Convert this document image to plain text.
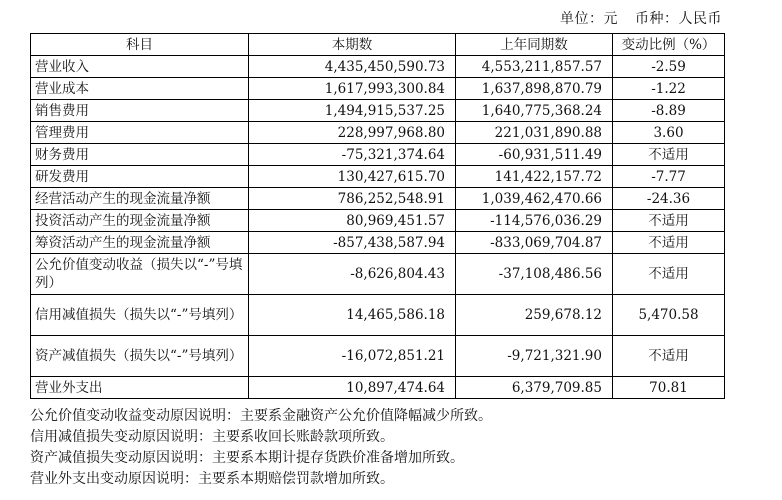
单位：元 币种：人民币
科目	本期数	上年同期数	变动比例（%）
营业收入	4,435,450,590.73	4,553,211,857.57	-2.59
营业成本	1,617,993,300.84	1,637,898,870.79	-1.22
销售费用	1,494,915,537.25	1,640,775,368.24	-8.89
管理费用	228,997,968.80	221,031,890.88	3.60
财务费用	-75,321,374.64	-60,931,511.49	不适用
研发费用	130,427,615.70	141,422,157.72	-7.77
经营活动产生的现金流量净额	786,252,548.91	1,039,462,470.66	-24.36
投资活动产生的现金流量净额	80,969,451.57	-114,576,036.29	不适用
筹资活动产生的现金流量净额	-857,438,587.94	-833,069,704.87	不适用
公允价值变动收益（损失以“-”号填列）	-8,626,804.43	-37,108,486.56	不适用
信用减值损失（损失以“-”号填列）	14,465,586.18	259,678.12	5,470.58
资产减值损失（损失以“-”号填列）	-16,072,851.21	-9,721,321.90	不适用
营业外支出	10,897,474.64	6,379,709.85	70.81
公允价值变动收益变动原因说明：主要系金融资产公允价值降幅减少所致。
信用减值损失变动原因说明：主要系收回长账龄款项所致。
资产减值损失变动原因说明：主要系本期计提存货跌价准备增加所致。
营业外支出变动原因说明：主要系本期赔偿罚款增加所致。
